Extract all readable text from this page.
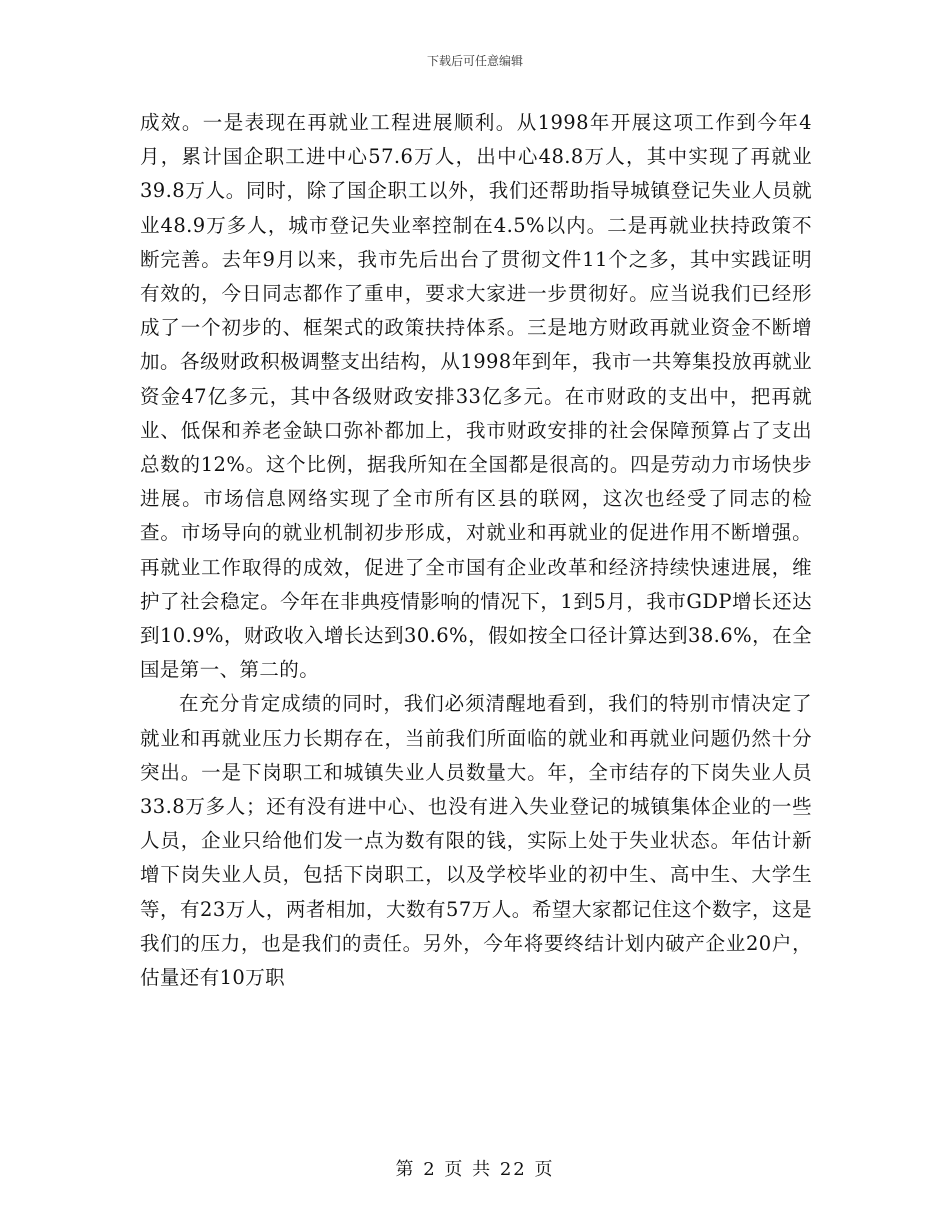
下载后可任意编辑

成效。一是表现在再就业工程进展顺利。从1998年开展这项工作到今年4月，累计国企职工进中心57.6万人，出中心48.8万人，其中实现了再就业39.8万人。同时，除了国企职工以外，我们还帮助指导城镇登记失业人员就业48.9万多人，城市登记失业率控制在4.5%以内。二是再就业扶持政策不断完善。去年9月以来，我市先后出台了贯彻文件11个之多，其中实践证明有效的，今日同志都作了重申，要求大家进一步贯彻好。应当说我们已经形成了一个初步的、框架式的政策扶持体系。三是地方财政再就业资金不断增加。各级财政积极调整支出结构，从1998年到年，我市一共筹集投放再就业资金47亿多元，其中各级财政安排33亿多元。在市财政的支出中，把再就业、低保和养老金缺口弥补都加上，我市财政安排的社会保障预算占了支出总数的12%。这个比例，据我所知在全国都是很高的。四是劳动力市场快步进展。市场信息网络实现了全市所有区县的联网，这次也经受了同志的检查。市场导向的就业机制初步形成，对就业和再就业的促进作用不断增强。再就业工作取得的成效，促进了全市国有企业改革和经济持续快速进展，维护了社会稳定。今年在非典疫情影响的情况下，1到5月，我市GDP增长还达到10.9%，财政收入增长达到30.6%，假如按全口径计算达到38.6%，在全国是第一、第二的。

在充分肯定成绩的同时，我们必须清醒地看到，我们的特别市情决定了就业和再就业压力长期存在，当前我们所面临的就业和再就业问题仍然十分突出。一是下岗职工和城镇失业人员数量大。年，全市结存的下岗失业人员33.8万多人；还有没有进中心、也没有进入失业登记的城镇集体企业的一些人员，企业只给他们发一点为数有限的钱，实际上处于失业状态。年估计新增下岗失业人员，包括下岗职工，以及学校毕业的初中生、高中生、大学生等，有23万人，两者相加，大数有57万人。希望大家都记住这个数字，这是我们的压力，也是我们的责任。另外，今年将要终结计划内破产企业20户，估量还有10万职

第 2 页 共 22 页
